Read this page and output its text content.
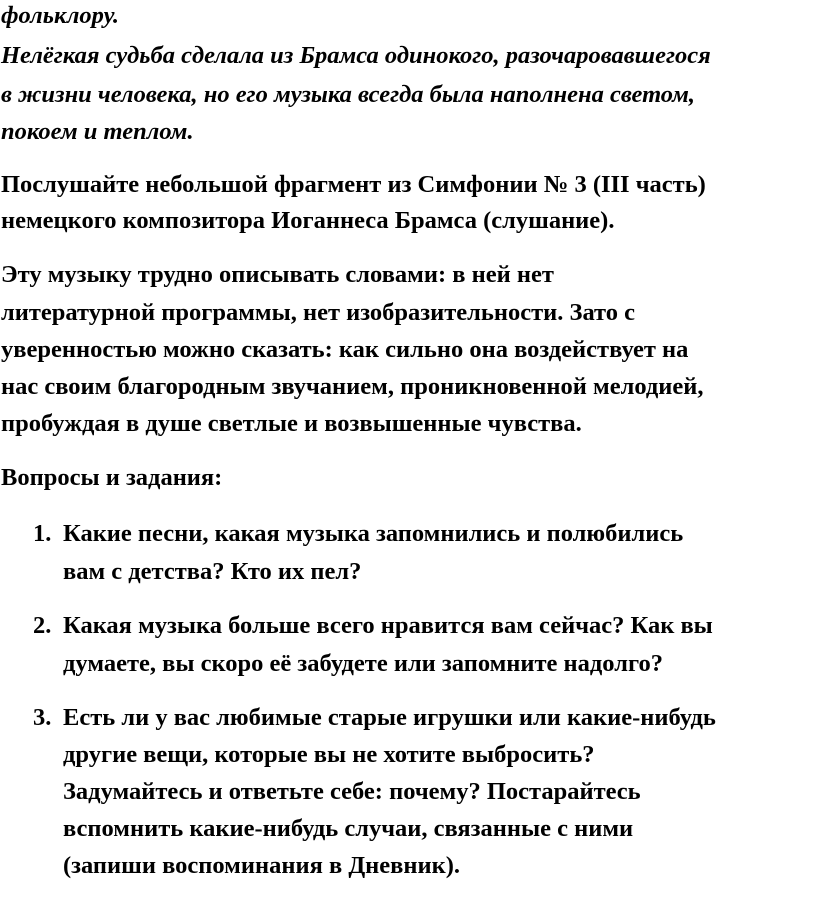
фольклору.
Нелёгкая судьба сделала из Брамса одинокого, разочаровавшегося
в жизни человека, но его музыка всегда была наполнена светом,
покоем и теплом.
Послушайте небольшой фрагмент из Симфонии № 3 (III часть)
немецкого композитора Иоганнеса Брамса (слушание).
Эту музыку трудно описывать словами: в ней нет
литературной программы, нет изобразительности. Зато с
уверенностью можно сказать: как сильно она воздействует на
нас своим благородным звучанием, проникновенной мелодией,
пробуждая в душе светлые и возвышенные чувства.
Вопросы и задания:
1. Какие песни, какая музыка запомнились и полюбились
вам с детства? Кто их пел?
2. Какая музыка больше всего нравится вам сейчас? Как вы
думаете, вы скоро её забудете или запомните надолго?
3. Есть ли у вас любимые старые игрушки или какие-нибудь
другие вещи, которые вы не хотите выбросить?
Задумайтесь и ответьте себе: почему? Постарайтесь
вспомнить какие-нибудь случаи, связанные с ними
(запиши воспоминания в Дневник).
